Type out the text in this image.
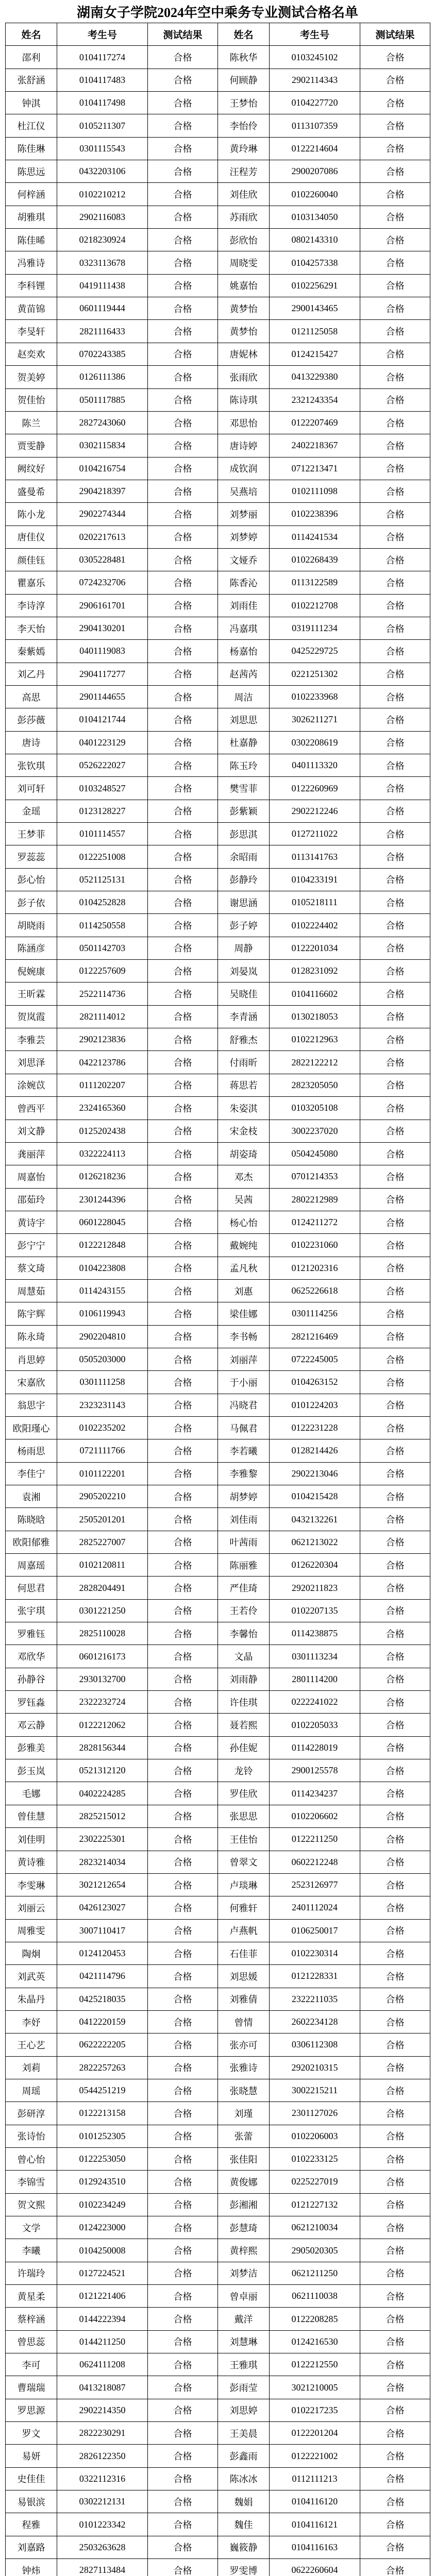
湖南女子学院2024年空中乘务专业测试合格名单
姓名	考生号	测试结果	姓名	考生号	测试结果
邵利	0104117274	合格	陈秋华	0103245102	合格
张舒涵	0104117483	合格	何顾静	2902114343	合格
钟淇	0104117498	合格	王梦怡	0104227720	合格
杜江仪	0105211307	合格	李怡伶	0113107359	合格
陈佳琳	0301115543	合格	黄玲琳	0122214604	合格
陈思远	0432203106	合格	汪程芳	2900207086	合格
何梓涵	0102210212	合格	刘佳欣	0102260040	合格
胡雅琪	2902116083	合格	苏雨欣	0103134050	合格
陈佳晞	0218230924	合格	彭欣怡	0802143310	合格
冯雅诗	0323113678	合格	周晓雯	0104257338	合格
李科锂	0419111438	合格	姚嘉怡	0102256291	合格
黄苗锦	0601119444	合格	黄梦怡	2900143465	合格
李旻轩	2821116433	合格	黄梦怡	0121125058	合格
赵奕欢	0702243385	合格	唐妮林	0124215427	合格
贺美婷	0126111386	合格	张雨欣	0413229380	合格
贺佳怡	0501117885	合格	陈诗琪	2321243354	合格
陈兰	2827243060	合格	邓思怡	0122207469	合格
贾雯静	0302115834	合格	唐诗婷	2402218367	合格
阙纹好	0104216754	合格	成钦润	0712213471	合格
盛曼希	2904218397	合格	吴燕培	0102111098	合格
陈小龙	2902274344	合格	刘梦丽	0102238396	合格
唐佳仪	0202217613	合格	刘梦婷	0114241534	合格
颜佳钰	0305228481	合格	文娅乔	0102268439	合格
瞿嘉乐	0724232706	合格	陈香沁	0113122589	合格
李诗淳	2906161701	合格	刘雨佳	0102212708	合格
李天怡	2904130201	合格	冯嘉琪	0319111234	合格
秦紫嫣	0401119083	合格	杨嘉怡	0425229725	合格
刘乙丹	2904117277	合格	赵茜芮	0221251302	合格
高思	2901144655	合格	周洁	0102233968	合格
彭莎薇	0104121744	合格	刘思思	3026211271	合格
唐诗	0401223129	合格	杜嘉静	0302208619	合格
张钦琪	0526222027	合格	陈玉玲	0401113320	合格
刘可轩	0103248527	合格	樊雪菲	0122260969	合格
金瑶	0123128227	合格	彭紫颖	2902212246	合格
王梦菲	0101114557	合格	彭思淇	0127211022	合格
罗蕊蕊	0122251008	合格	余昭雨	0113141763	合格
彭心怡	0521125131	合格	彭静玲	0104233191	合格
彭子依	0104252828	合格	谢思涵	0105218111	合格
胡晓雨	0114250558	合格	彭子婷	0102224402	合格
陈涵彦	0501142703	合格	周静	0122201034	合格
倪婉康	0122257609	合格	刘晏岚	0128231092	合格
王昕霖	2522114736	合格	吴晓佳	0104116602	合格
贺岚霞	2821114012	合格	李青涵	0130218053	合格
李雅芸	2902123836	合格	舒雅杰	0102212963	合格
刘思泽	0422123786	合格	付雨昕	2822122212	合格
涂婉苡	0111202207	合格	蒋思若	2823205050	合格
曾西平	2324165360	合格	朱姿淇	0103205108	合格
刘文静	0125202438	合格	宋金枝	3002237020	合格
龚丽萍	0322224113	合格	胡姿琦	0504245080	合格
周嘉怡	0126218236	合格	邓杰	0701214353	合格
邵茹玲	2301244396	合格	吴茜	2802212989	合格
黄诗宇	0601228045	合格	杨心怡	0124211272	合格
彭宁宁	0122212848	合格	戴婉纯	0102231060	合格
蔡文琦	0104223808	合格	孟凡秋	0121202316	合格
周慧茹	0114243155	合格	刘惠	0625226618	合格
陈宇辉	0106119943	合格	梁佳娜	0301114256	合格
陈永琦	2902204810	合格	李书畅	2821216469	合格
肖思婷	0505203000	合格	刘丽萍	0722245005	合格
宋嘉欣	0301111258	合格	于小丽	0104263152	合格
翁思宇	2323231143	合格	冯晓君	0101224203	合格
欧阳瑾心	0102235202	合格	马佩君	0122231228	合格
杨雨思	0721111766	合格	李若曦	0128214426	合格
李佳宁	0101122201	合格	李雅黎	2902213046	合格
袁湘	2905202210	合格	胡梦婷	0104215428	合格
陈晓晗	2505201201	合格	刘佳雨	0432132261	合格
欧阳郁雅	2825227007	合格	叶茜雨	0621213022	合格
周嘉瑶	0102120811	合格	陈丽雅	0126220304	合格
何思君	2828204491	合格	严佳琦	2920211823	合格
张宇琪	0301221250	合格	王若伶	0102207135	合格
罗雅钰	2825110028	合格	李馨怡	0114238875	合格
邓欣华	0601216173	合格	文晶	0301113234	合格
孙静谷	2930132700	合格	刘雨静	2801114200	合格
罗钰淼	2322232724	合格	许佳琪	0222241022	合格
邓云静	0122212062	合格	聂若熙	0102205033	合格
彭雅美	2828156344	合格	孙佳妮	0114228019	合格
彭玉岚	0521312120	合格	龙铃	2900125578	合格
毛娜	0402224285	合格	罗佳欣	0114234237	合格
曾佳慧	2825215012	合格	张思思	0102206602	合格
刘佳明	2302225301	合格	王佳怡	0122211250	合格
黄诗雅	2823214034	合格	曾翠文	0602212248	合格
李雯琳	3021212654	合格	卢琰琳	2523126977	合格
刘丽云	0426123027	合格	何雅轩	2401112024	合格
周雅雯	3007110417	合格	卢燕帆	0106250017	合格
陶炯	0124120453	合格	石佳菲	0102230314	合格
刘武英	0421114796	合格	刘思媛	0121228331	合格
朱晶丹	0425218035	合格	刘雅倩	2322211035	合格
李妤	0412220159	合格	曾情	2602234128	合格
王心艺	0622222205	合格	张亦可	0306112308	合格
刘莉	2822257263	合格	张雅诗	2920210315	合格
周瑶	0544251219	合格	张晓慧	3002215211	合格
彭研淳	0122213158	合格	刘瑾	2301127026	合格
张诗怡	0101252305	合格	张蕾	0102206003	合格
曾心怡	0122253050	合格	张佳阳	0102233125	合格
李锦雪	0129243510	合格	黄俊娜	0225227019	合格
贺文熙	0102234249	合格	彭湘湘	0121227132	合格
文学	0124223000	合格	彭慧琦	0621210034	合格
李曦	0104250008	合格	黄梓熙	2905020305	合格
许瑞玲	0127224521	合格	刘梦洁	0621211250	合格
黄星柔	0121221406	合格	曾卓丽	0621110038	合格
蔡梓涵	0144222394	合格	戴洋	0122208285	合格
曾思蕊	0144211250	合格	刘慧琳	0124216530	合格
李可	0624111208	合格	王雅琪	0122212550	合格
曹瑞瑞	0413218087	合格	彭雨莹	3021210005	合格
罗思源	2902214350	合格	刘思婷	0102217235	合格
罗文	2822230291	合格	王美晨	0122201204	合格
易妍	2826122350	合格	彭鑫雨	0122221002	合格
史佳佳	0322112316	合格	陈冰冰	0112111213	合格
易银滨	0302212131	合格	魏娟	0104116120	合格
程雅	0101223342	合格	魏佳	0104116121	合格
刘嘉路	2503263628	合格	巍筱静	0104116163	合格
钟炜	2827113484	合格	罗雯博	0622260604	合格
